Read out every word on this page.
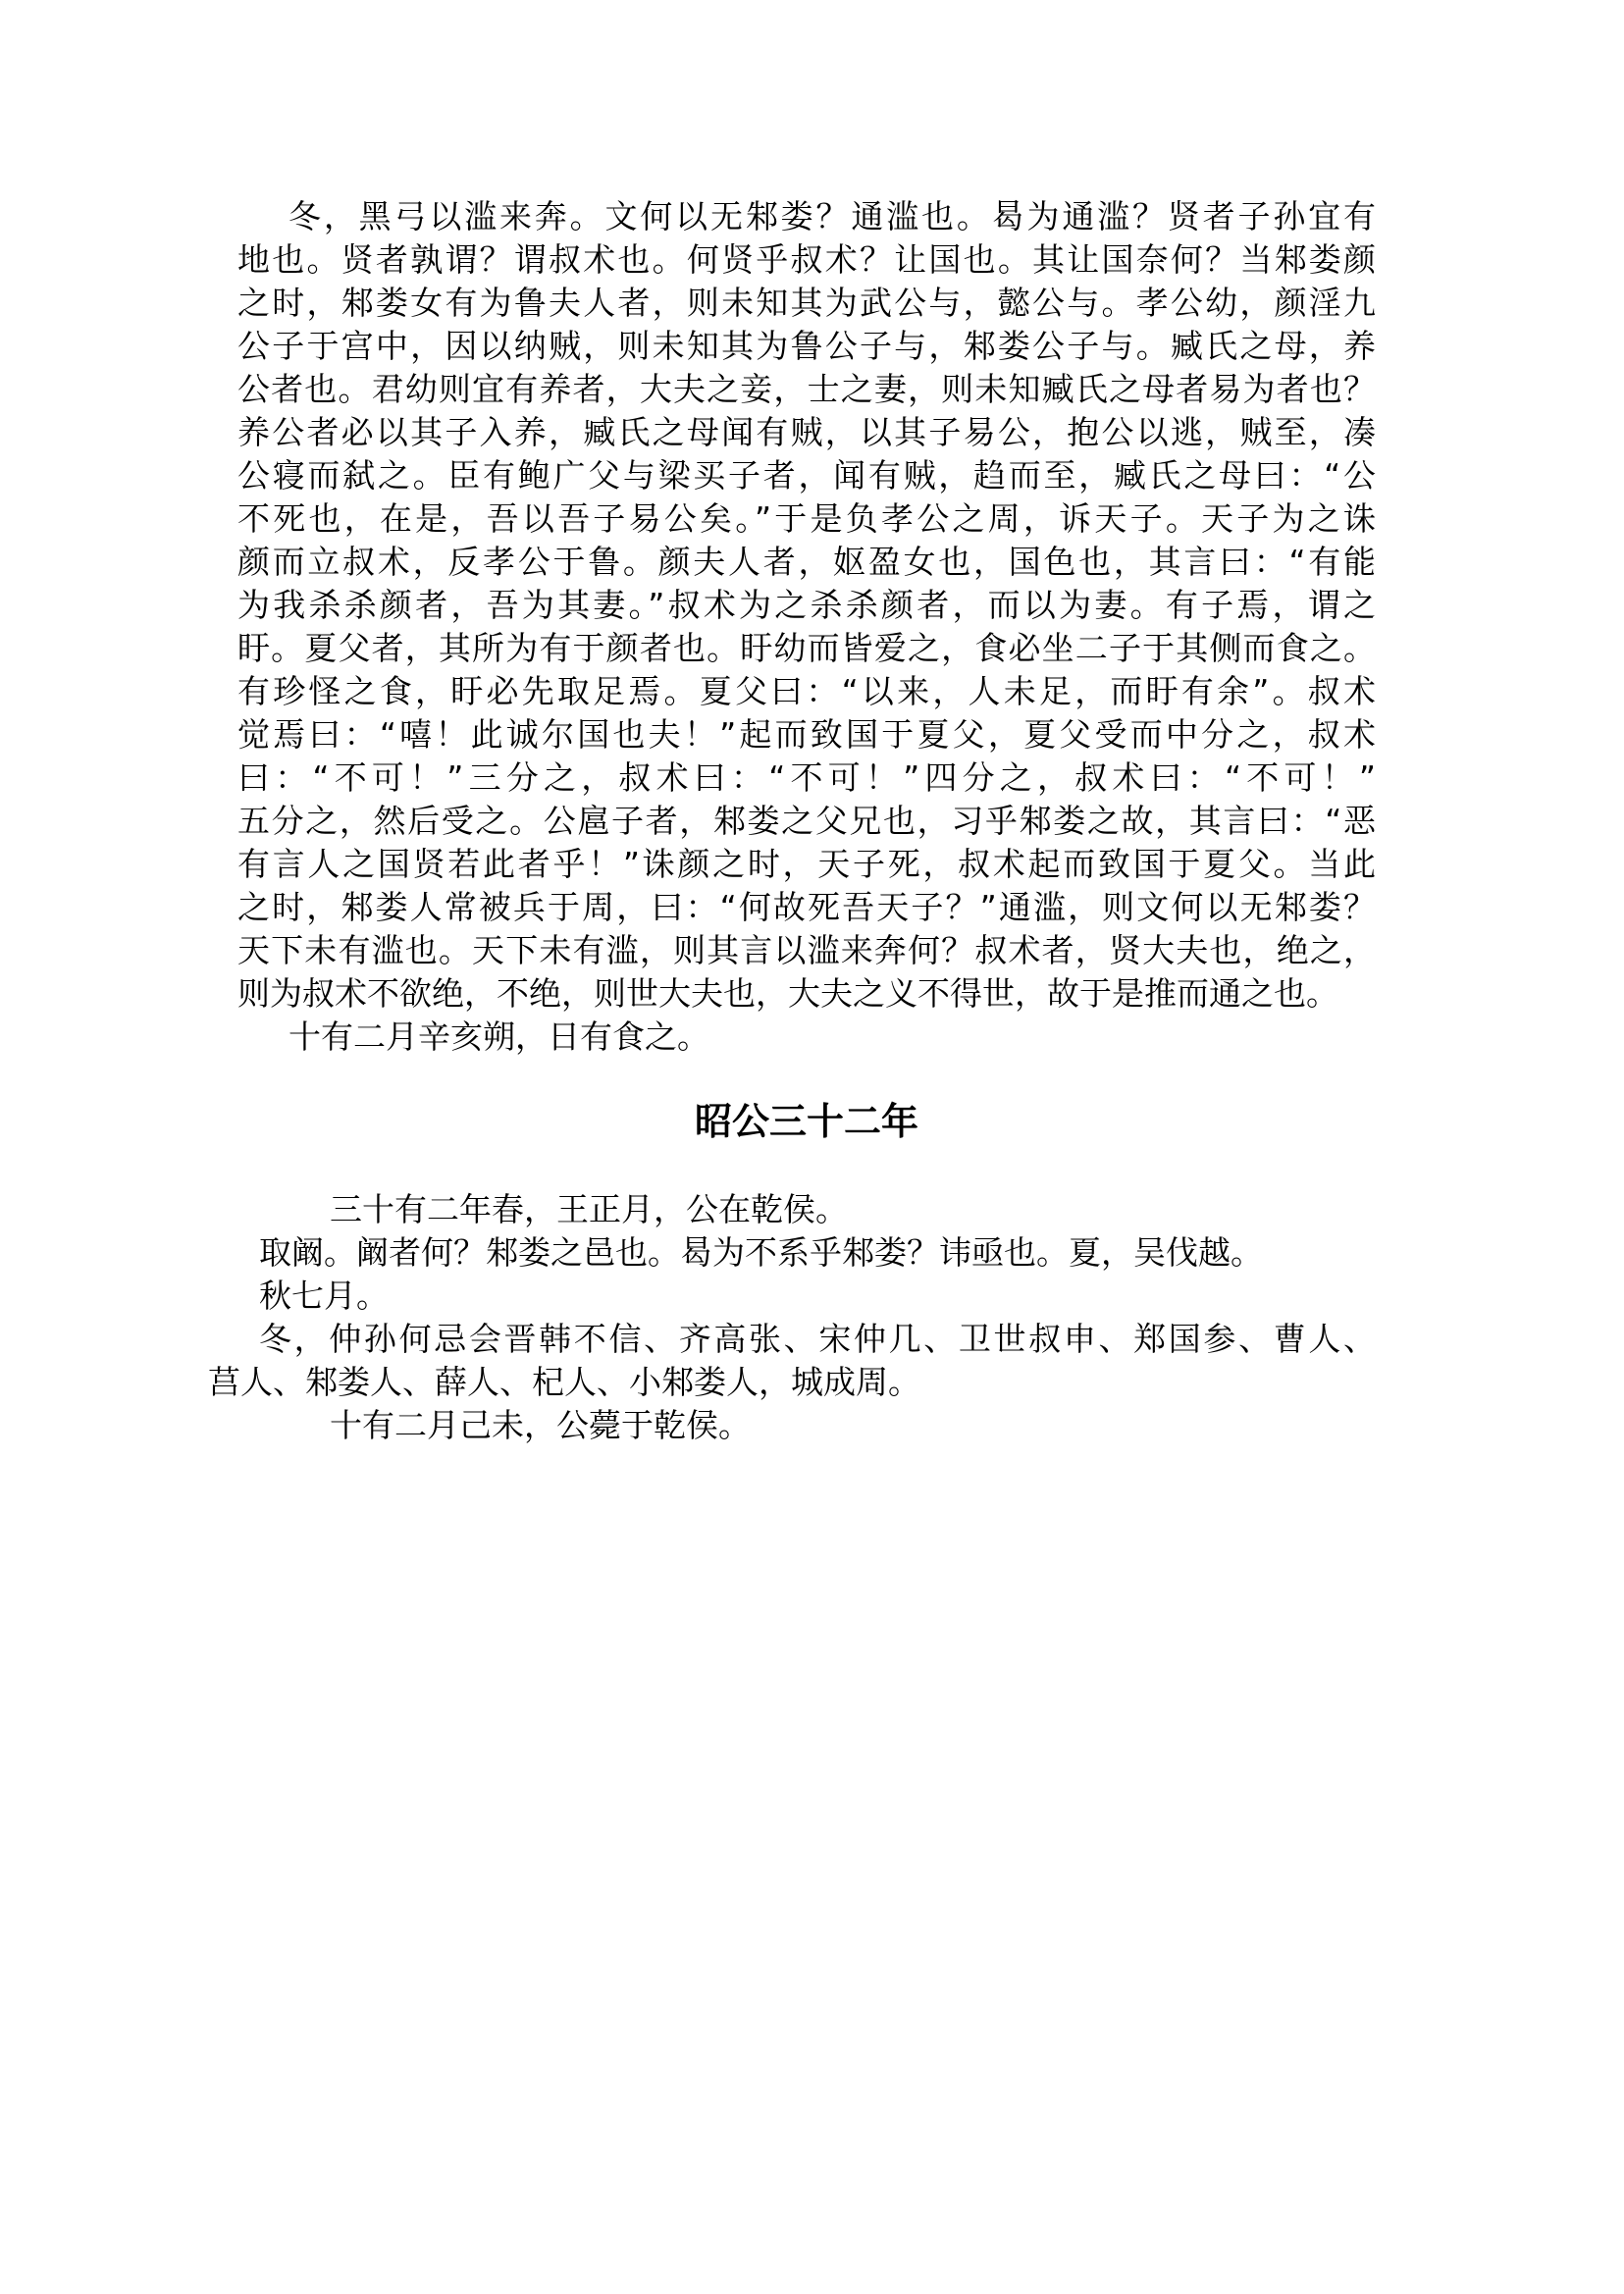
冬，黑弓以滥来奔。文何以无邾娄？通滥也。曷为通滥？贤者子孙宜有
地也。贤者孰谓？谓叔术也。何贤乎叔术？让国也。其让国奈何？当邾娄颜
之时，邾娄女有为鲁夫人者，则未知其为武公与，懿公与。孝公幼，颜淫九
公子于宫中，因以纳贼，则未知其为鲁公子与，邾娄公子与。臧氏之母，养
公者也。君幼则宜有养者，大夫之妾，士之妻，则未知臧氏之母者易为者也？
养公者必以其子入养，臧氏之母闻有贼，以其子易公，抱公以逃，贼至，凑
公寝而弑之。臣有鲍广父与梁买子者，闻有贼，趋而至，臧氏之母曰：“公
不死也，在是，吾以吾子易公矣。”于是负孝公之周，诉天子。天子为之诛
颜而立叔术，反孝公于鲁。颜夫人者，妪盈女也，国色也，其言曰：“有能
为我杀杀颜者，吾为其妻。”叔术为之杀杀颜者，而以为妻。有子焉，谓之
盱。夏父者，其所为有于颜者也。盱幼而皆爱之，食必坐二子于其侧而食之。
有珍怪之食，盱必先取足焉。夏父曰：“以来，人未足，而盱有余”。叔术
觉焉曰：“嘻！此诚尔国也夫！”起而致国于夏父，夏父受而中分之，叔术
曰：“不可！”三分之，叔术曰：“不可！”四分之，叔术曰：“不可！”
五分之，然后受之。公扈子者，邾娄之父兄也，习乎邾娄之故，其言曰：“恶
有言人之国贤若此者乎！”诛颜之时，天子死，叔术起而致国于夏父。当此
之时，邾娄人常被兵于周，曰：“何故死吾天子？”通滥，则文何以无邾娄？
天下未有滥也。天下未有滥，则其言以滥来奔何？叔术者，贤大夫也，绝之，
则为叔术不欲绝，不绝，则世大夫也，大夫之义不得世，故于是推而通之也。
十有二月辛亥朔，日有食之。
昭公三十二年
三十有二年春，王正月，公在乾侯。
取阚。阚者何？邾娄之邑也。曷为不系乎邾娄？讳亟也。夏，吴伐越。
秋七月。
冬，仲孙何忌会晋韩不信、齐高张、宋仲几、卫世叔申、郑国参、曹人、
莒人、邾娄人、薛人、杞人、小邾娄人，城成周。
十有二月己未，公薨于乾侯。
